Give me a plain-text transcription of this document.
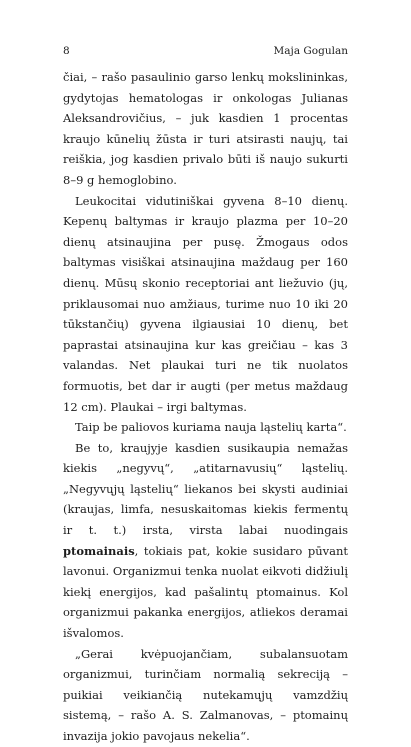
8	Maja Gogulan

čiai, – rašo pasaulinio garso lenkų mokslininkas, gydytojas hematologas ir onkologas Julianas Aleksandrovičius, – juk kasdien 1 procentas kraujo kūnelių žūsta ir turi atsirasti naujų, tai reiškia, jog kasdien privalo būti iš naujo sukurti 8–9 g hemoglobino.

Leukocitai vidutiniškai gyvena 8–10 dienų. Kepenų baltymas ir kraujo plazma per 10–20 dienų atsinaujina per pusę. Žmogaus odos baltymas visiškai atsinaujina maždaug per 160 dienų. Mūsų skonio receptoriai ant liežuvio (jų, priklausomai nuo amžiaus, turime nuo 10 iki 20 tūkstančių) gyvena ilgiausiai 10 dienų, bet paprastai atsinaujina kur kas greičiau – kas 3 valandas. Net plaukai turi ne tik nuolatos formuotis, bet dar ir augti (per metus maždaug 12 cm). Plaukai – irgi baltymas.

Taip be paliovos kuriama nauja ląstelių karta“.

Be to, kraujyje kasdien susikaupia nemažas kiekis „negyvų“, „atitarnavusių“ ląstelių. „Negyvųjų ląstelių“ liekanos bei skysti audiniai (kraujas, limfa, nesuskaitomas kiekis fermentų ir t. t.) irsta, virsta labai nuodingais ptomainais, tokiais pat, kokie susidaro pūvant lavonui. Organizmui tenka nuolat eikvoti didžiulį kiekį energijos, kad pašalintų ptomainus. Kol organizmui pakanka energijos, atliekos deramai išvalomos.

„Gerai kvėpuojančiam, subalansuotam organizmui, turinčiam normalią sekreciją – puikiai veikiančią nutekamųjų vamzdžių sistemą, – rašo A. S. Zalmanovas, – ptomainų invazija jokio pavojaus nekelia“.
